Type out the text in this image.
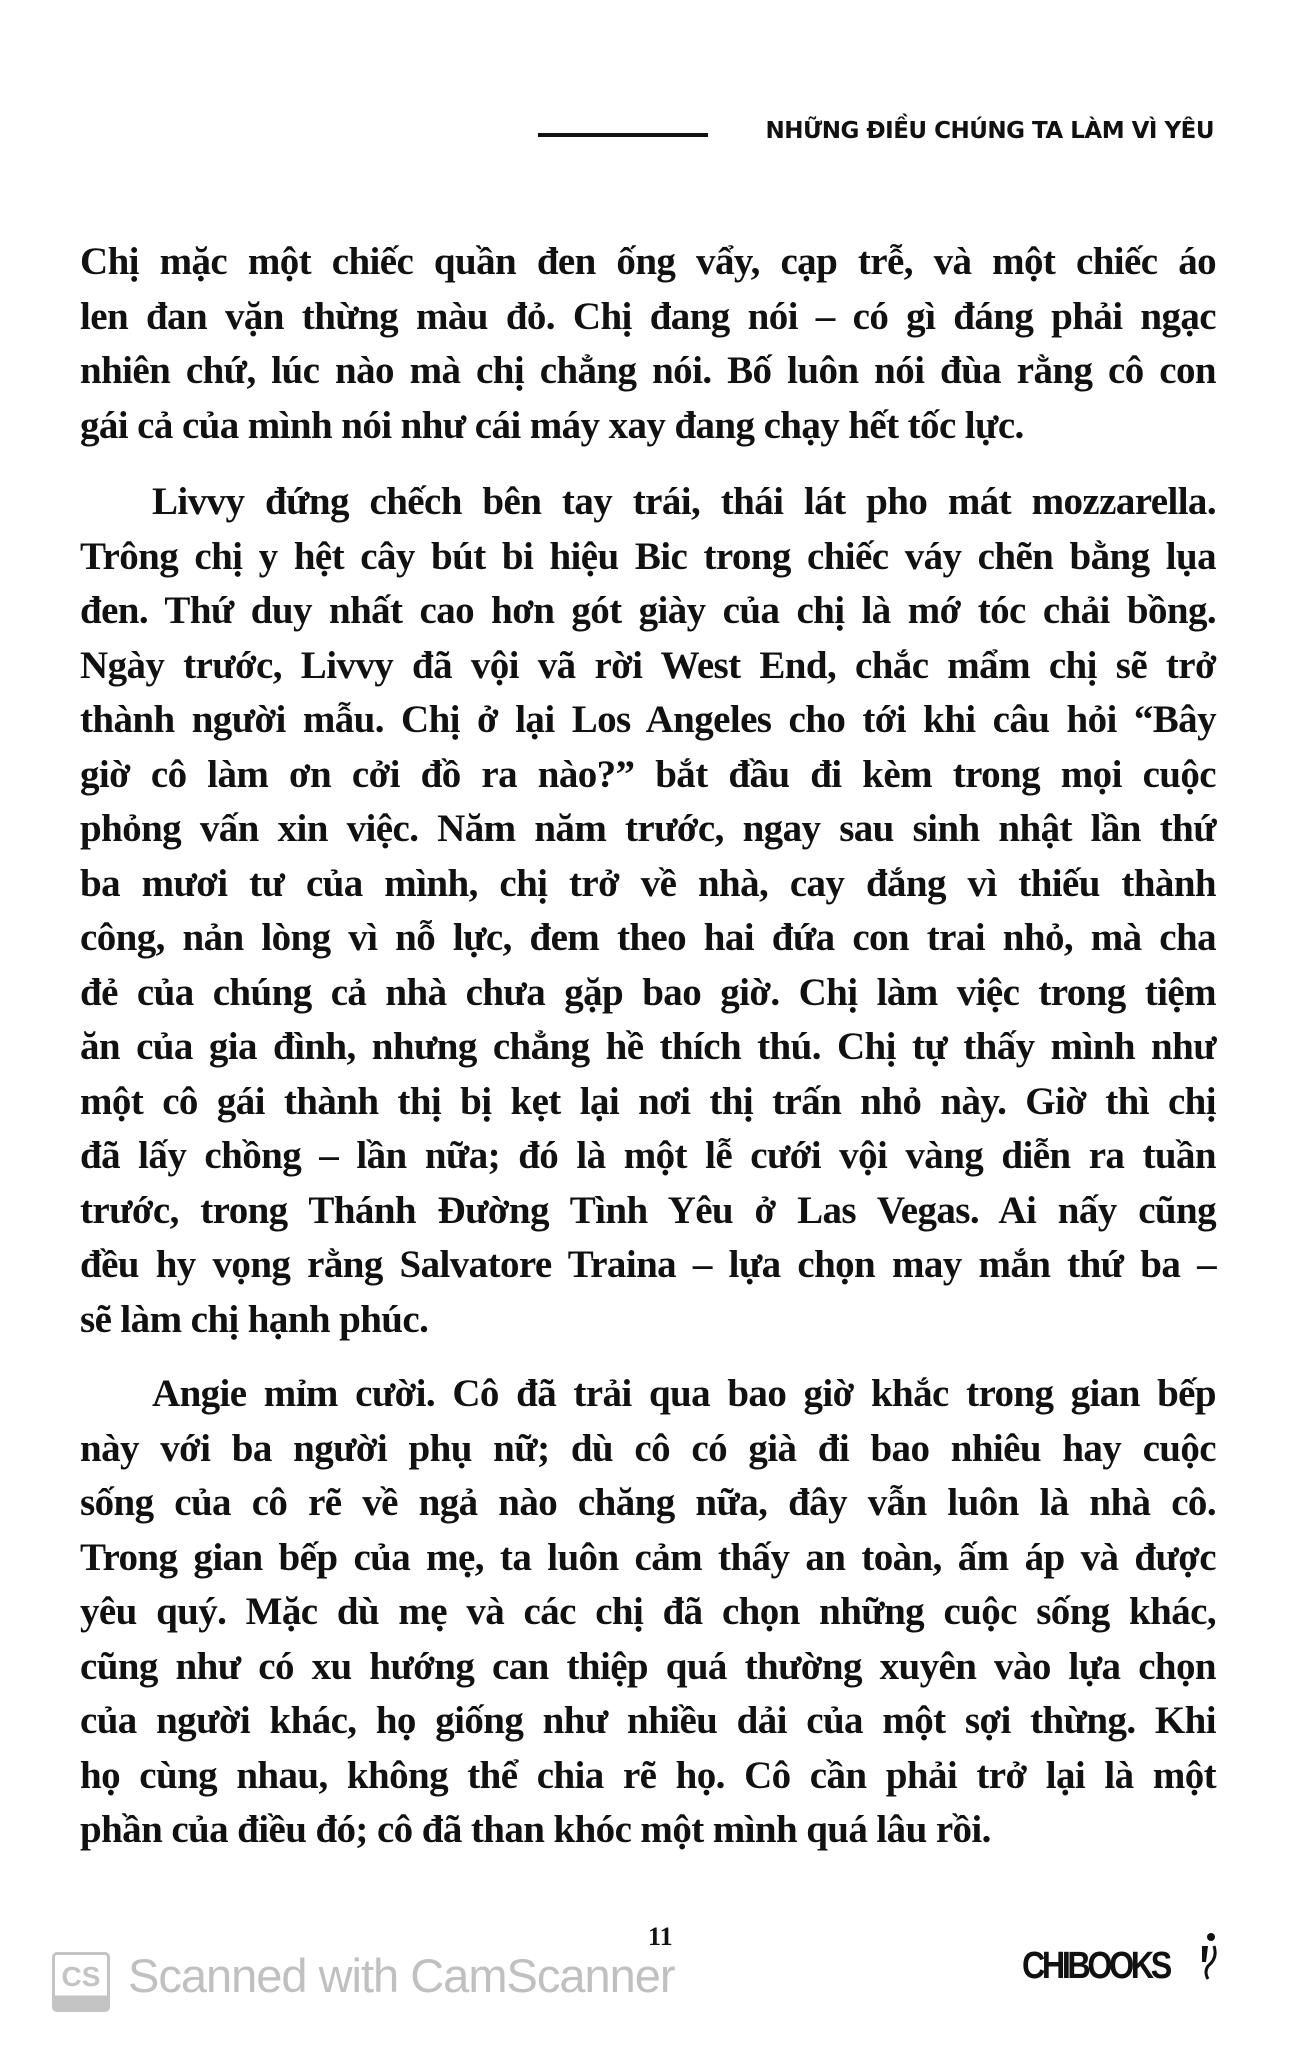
NHỮNG ĐIỀU CHÚNG TA LÀM VÌ YÊU
Chị mặc một chiếc quần đen ống vẩy, cạp trễ, và một chiếc áo
len đan vặn thừng màu đỏ. Chị đang nói – có gì đáng phải ngạc
nhiên chứ, lúc nào mà chị chẳng nói. Bố luôn nói đùa rằng cô con
gái cả của mình nói như cái máy xay đang chạy hết tốc lực.
Livvy đứng chếch bên tay trái, thái lát pho mát mozzarella.
Trông chị y hệt cây bút bi hiệu Bic trong chiếc váy chẽn bằng lụa
đen. Thứ duy nhất cao hơn gót giày của chị là mớ tóc chải bồng.
Ngày trước, Livvy đã vội vã rời West End, chắc mẩm chị sẽ trở
thành người mẫu. Chị ở lại Los Angeles cho tới khi câu hỏi “Bây
giờ cô làm ơn cởi đồ ra nào?” bắt đầu đi kèm trong mọi cuộc
phỏng vấn xin việc. Năm năm trước, ngay sau sinh nhật lần thứ
ba mươi tư của mình, chị trở về nhà, cay đắng vì thiếu thành
công, nản lòng vì nỗ lực, đem theo hai đứa con trai nhỏ, mà cha
đẻ của chúng cả nhà chưa gặp bao giờ. Chị làm việc trong tiệm
ăn của gia đình, nhưng chẳng hề thích thú. Chị tự thấy mình như
một cô gái thành thị bị kẹt lại nơi thị trấn nhỏ này. Giờ thì chị
đã lấy chồng – lần nữa; đó là một lễ cưới vội vàng diễn ra tuần
trước, trong Thánh Đường Tình Yêu ở Las Vegas. Ai nấy cũng
đều hy vọng rằng Salvatore Traina – lựa chọn may mắn thứ ba –
sẽ làm chị hạnh phúc.
Angie mỉm cười. Cô đã trải qua bao giờ khắc trong gian bếp
này với ba người phụ nữ; dù cô có già đi bao nhiêu hay cuộc
sống của cô rẽ về ngả nào chăng nữa, đây vẫn luôn là nhà cô.
Trong gian bếp của mẹ, ta luôn cảm thấy an toàn, ấm áp và được
yêu quý. Mặc dù mẹ và các chị đã chọn những cuộc sống khác,
cũng như có xu hướng can thiệp quá thường xuyên vào lựa chọn
của người khác, họ giống như nhiều dải của một sợi thừng. Khi
họ cùng nhau, không thể chia rẽ họ. Cô cần phải trở lại là một
phần của điều đó; cô đã than khóc một mình quá lâu rồi.
11
CHIBOOKS
CS Scanned with CamScanner
